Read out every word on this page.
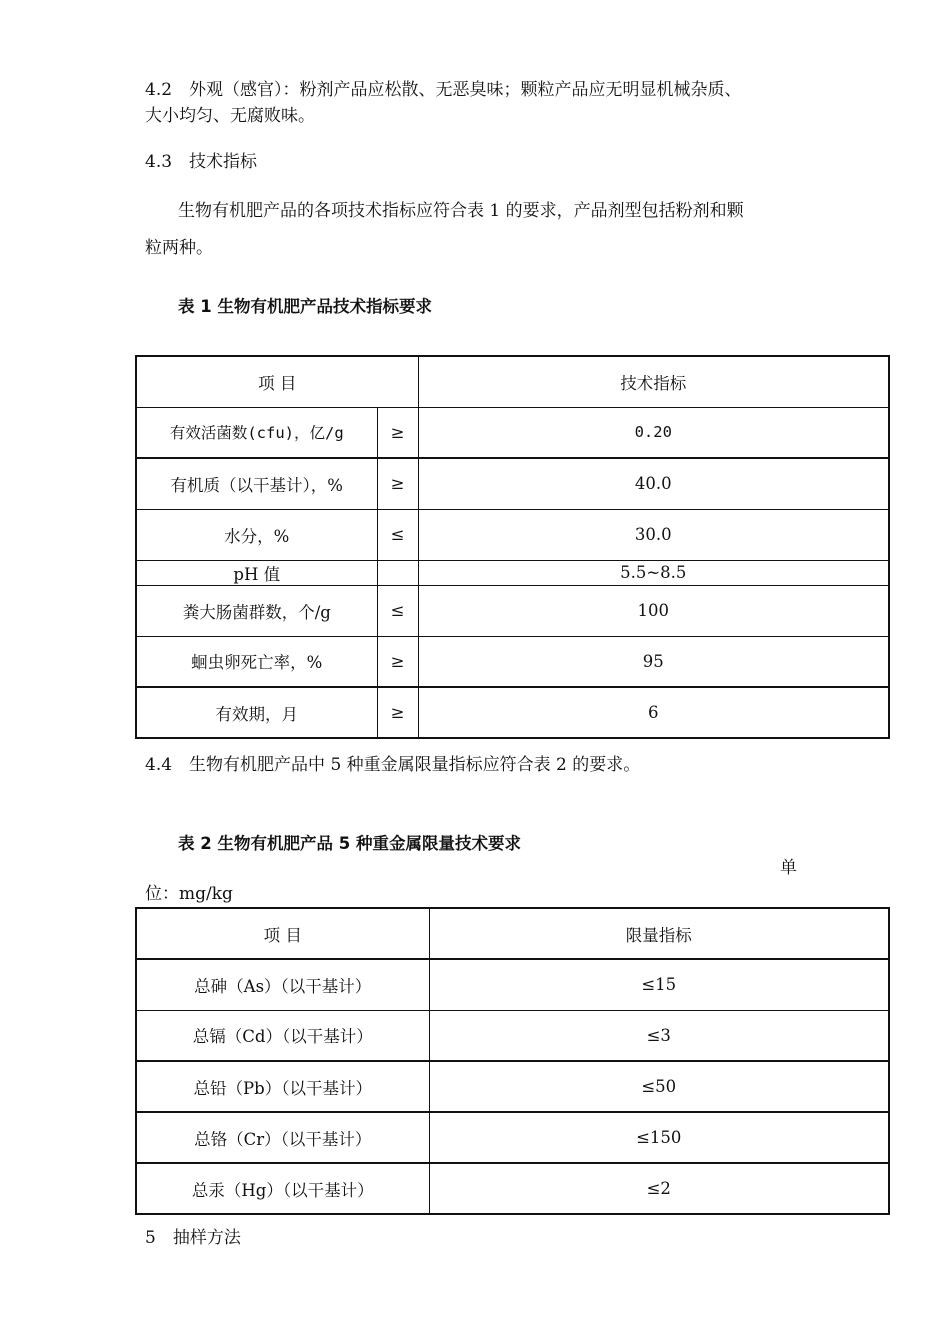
4.2　外观（感官）：粉剂产品应松散、无恶臭味；颗粒产品应无明显机械杂质、
大小均匀、无腐败味。
4.3　技术指标
生物有机肥产品的各项技术指标应符合表 1 的要求，产品剂型包括粉剂和颗
粒两种。
表 1 生物有机肥产品技术指标要求
项 目		技术指标
有效活菌数(cfu)，亿/g	≥	0.20
有机质（以干基计），%	≥	40.0
水分，%	≤	30.0
pH 值		5.5~8.5
粪大肠菌群数，个/g	≤	100
蛔虫卵死亡率，%	≥	95
有效期，月	≥	6
4.4　生物有机肥产品中 5 种重金属限量指标应符合表 2 的要求。
表 2 生物有机肥产品 5 种重金属限量技术要求
单
位：mg/kg
项 目	限量指标
总砷（As）（以干基计）	≤15
总镉（Cd）（以干基计）	≤3
总铅（Pb）（以干基计）	≤50
总铬（Cr）（以干基计）	≤150
总汞（Hg）（以干基计）	≤2
5　抽样方法
